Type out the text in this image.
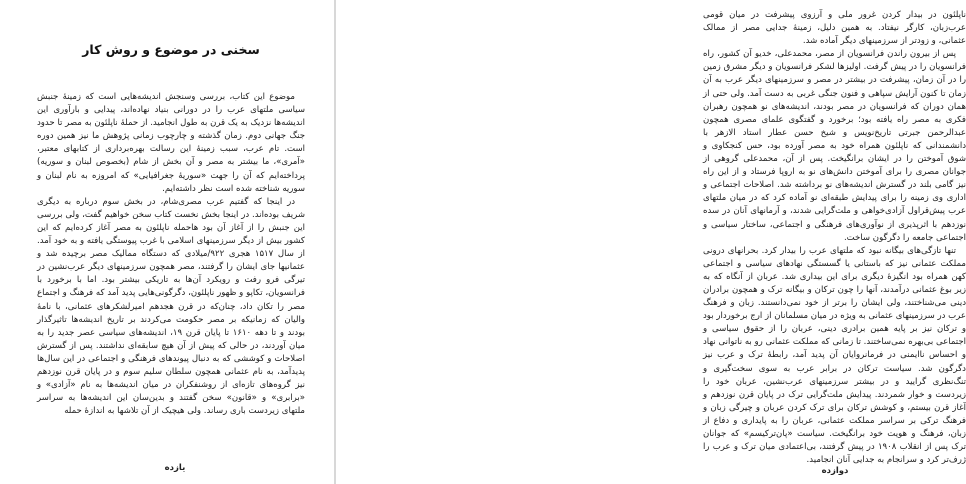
سخنی در موضوع و روش کار

موضوع این کتاب، بررسی وسنجش اندیشه‌هایی است که زمینهٔ جنبش سیاسی ملتهای عرب را در دورانی بنیاد نهاده‌اند، پیدایی و بارآوری این اندیشه‌ها نزدیک به یک قرن به طول انجامید. از حملهٔ ناپلئون به مصر تا حدود جنگ جهانی دوم. زمان گذشته و چارچوب زمانی پژوهش ما نیز همین دوره است. تام عرب، سبب زمینهٔ این رسالت بهره‌برداری از کتابهای معتبر، «آمری»، ما بیشتر به مصر و آن بخش از شام (بخصوص لبنان و سوریه) پرداخته‌ایم که آن را جهت «سوریهٔ جغرافیایی» که امروزه به نام لبنان و سوریه شناخته شده است نظر داشته‌ایم.

در اینجا که گفتیم عرب مصری‌شام، در بخش سوم درباره به دیگری شریف بوده‌اند. در اینجا بخش نخست کتاب سخن خواهیم گفت، ولی بررسی این جنبش را از آغاز آن بود هاحمله ناپلئون به مصر آغاز کرده‌ایم که این کشور بیش از دیگر سرزمینهای اسلامی با غرب پیوستگی یافته و به خود آمد. از سال ۱۵۱۷ هجری ۹۲۲/میلادی که دستگاه ممالیک مصر برچیده شد و عثمانیها جای ایشان را گرفتند، مصر همچون سرزمینهای دیگر عرب‌نشین در تیرگی فرو رفت و رویکرد آن‌ها به تاریکی بیشتر بود. اما با برخورد با فرانسویان، تکاپو و ظهور ناپلئون، دگرگونی‌هایی پدید آمد که فرهنگ و اجتماع مصر را تکان داد، چنان‌که در قرن هجدهم امیرلشکرهای عثمانی، با نامهٔ والیان که زمانیکه بر مصر حکومت می‌کردند بر تاریخ اندیشه‌ها تاثیرگذار بودند و تا دهه ۱۶۱۰ تا پایان قرن ۱۹، اندیشه‌های سیاسی عصر جدید را به میان آوردند، در حالی که پیش از آن هیچ سابقه‌ای نداشتند. پس از گسترش اصلاحات و کوششی که به دنبال پیوندهای فرهنگی و اجتماعی در این سال‌ها پدیدآمد، به نام عثمانی همچون سلطان سلیم سوم و در پایان قرن نوزدهم نیز گروه‌های تازه‌ای از روشنفکران در میان اندیشه‌ها به نام «آزادی» و «برابری» و «قانون» سخن گفتند و بدین‌سان این اندیشه‌ها به سراسر ملتهای زیردست باری رساند. ولی هیچیک از آن تلاشها به اندازهٔ حمله

یازده

ناپلئون در بیدار کردن غرور ملی و آرزوی پیشرفت در میان قومی عرب‌زبان، کارگر نیفتاد. به همین دلیل، زمینهٔ جدایی مصر از ممالک عثمانی، و زودتر از سرزمینهای دیگر آماده شد.

پس از بیرون راندن فرانسویان از مصر، محمدعلی، خدیو آن کشور، راه فرانسویان را در پیش گرفت. اولیزها لشکر فرانسویان و دیگر مشرق زمین را در آن زمان، پیشرفت در بیشتر در مصر و سرزمینهای دیگر عرب به آن زمان تا کنون آرایش سپاهی و فنون جنگی غربی به دست آمد. ولی حتی از همان دوران که فرانسویان در مصر بودند، اندیشه‌های نو همچون رهبران فکری به مصر راه یافته بود؛ برخورد و گفتگوی علمای مصری همچون عبدالرحمن جبرتی تاریخ‌نویس و شیخ حسن عطار استاد الازهر با دانشمندانی که ناپلئون همراه خود به مصر آورده بود، حس کنجکاوی و شوق آموختن را در ایشان برانگیخت. پس از آن، محمدعلی گروهی از جوانان مصری را برای آموختن دانش‌های نو به اروپا فرستاد و از این راه نیز گامی بلند در گسترش اندیشه‌های نو برداشته شد. اصلاحات اجتماعی و اداری وی زمینه را برای پیدایش طبقه‌ای نو آماده کرد که در میان ملتهای عرب پیش‌قراول آزادی‌خواهی و ملت‌گرایی شدند، و آرمانهای آنان در سده نوزدهم با اثرپذیری از نوآوری‌های فرهنگی و اجتماعی، ساختار سیاسی و اجتماعی جامعه را دگرگون ساخت.

تنها تازگی‌های بیگانه نبود که ملتهای عرب را بیدار کرد. بحرانهای درونی مملکت عثمانی نیز که باستانی یا گسستگی نهادهای سیاسی و اجتماعی کهن همراه بود انگیزهٔ دیگری برای این بیداری شد. عربان از آنگاه که به زیر بوغ عثمانی درآمدند، آنها را چون ترکان و بیگانه ترک و همچون برادران دینی می‌شناختند، ولی ایشان را برتر از خود نمی‌دانستند. زبان و فرهنگ عرب در سرزمینهای عثمانی به ویژه در میان مسلمانان از ارج برخوردار بود و ترکان نیز بر پایه همین برادری دینی، عربان را از حقوق سیاسی و اجتماعی بی‌بهره نمی‌ساختند. تا زمانی که مملکت عثمانی رو به ناتوانی نهاد و احساس ناایمنی در فرمانروایان آن پدید آمد، رابطهٔ ترک و عرب نیز دگرگون شد. سیاست ترکان در برابر عرب به سوی سخت‌گیری و تنگ‌نظری گرایید و در بیشتر سرزمینهای عرب‌نشین، عربان خود را زیردست و خوار شمردند. پیدایش ملت‌گرایی ترک در پایان قرن نوزدهم و آغاز قرن بیستم، و کوشش ترکان برای ترک کردن عربان و چیرگی زبان و فرهنگ ترکی بر سراسر مملکت عثمانی، عربان را به پایداری و دفاع از زبان، فرهنگ و هویت خود برانگیخت. سیاست «پان‌ترکیسم» که جوانان ترک پس از انقلاب ۱۹۰۸ در پیش گرفتند، بی‌اعتمادی میان ترک و عرب را ژرف‌تر کرد و سرانجام به جدایی آنان انجامید.

دوازده
